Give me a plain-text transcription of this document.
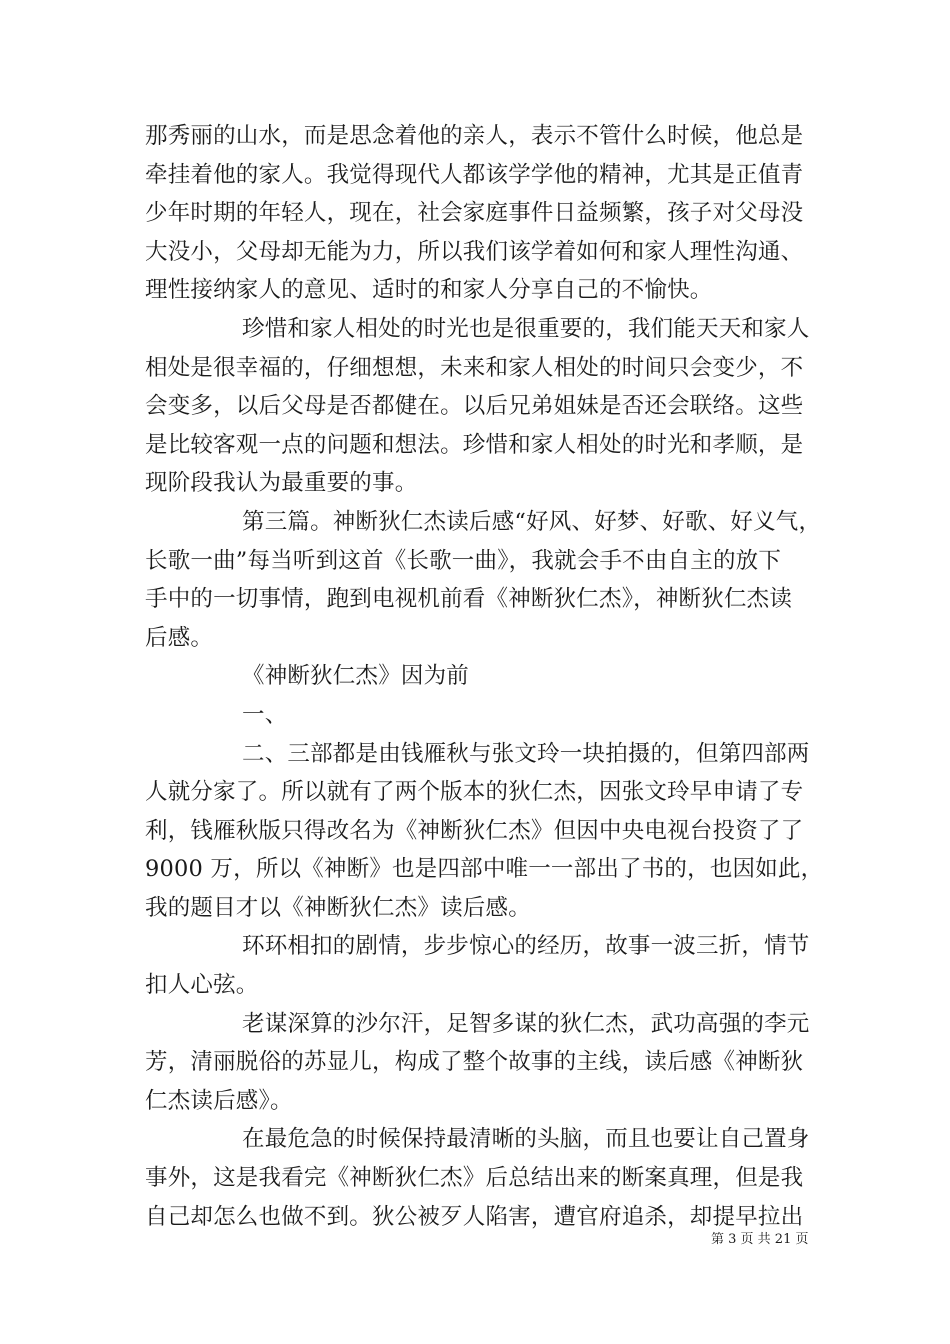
那秀丽的山水，而是思念着他的亲人，表示不管什么时候，他总是
牵挂着他的家人。我觉得现代人都该学学他的精神，尤其是正值青
少年时期的年轻人，现在，社会家庭事件日益频繁，孩子对父母没
大没小，父母却无能为力，所以我们该学着如何和家人理性沟通、
理性接纳家人的意见、适时的和家人分享自己的不愉快。
珍惜和家人相处的时光也是很重要的，我们能天天和家人
相处是很幸福的，仔细想想，未来和家人相处的时间只会变少，不
会变多，以后父母是否都健在。以后兄弟姐妹是否还会联络。这些
是比较客观一点的问题和想法。珍惜和家人相处的时光和孝顺，是
现阶段我认为最重要的事。
第三篇。神断狄仁杰读后感“好风、好梦、好歌、好义气，
长歌一曲”每当听到这首《长歌一曲》，我就会手不由自主的放下
手中的一切事情，跑到电视机前看《神断狄仁杰》，神断狄仁杰读
后感。
《神断狄仁杰》因为前
一、
二、三部都是由钱雁秋与张文玲一块拍摄的，但第四部两
人就分家了。所以就有了两个版本的狄仁杰，因张文玲早申请了专
利，钱雁秋版只得改名为《神断狄仁杰》但因中央电视台投资了了
9000 万，所以《神断》也是四部中唯一一部出了书的，也因如此，
我的题目才以《神断狄仁杰》读后感。
环环相扣的剧情，步步惊心的经历，故事一波三折，情节
扣人心弦。
老谋深算的沙尔汗，足智多谋的狄仁杰，武功高强的李元
芳，清丽脱俗的苏显儿，构成了整个故事的主线，读后感《神断狄
仁杰读后感》。
在最危急的时候保持最清晰的头脑，而且也要让自己置身
事外，这是我看完《神断狄仁杰》后总结出来的断案真理，但是我
自己却怎么也做不到。狄公被歹人陷害，遭官府追杀，却提早拉出
第 3 页 共 21 页
